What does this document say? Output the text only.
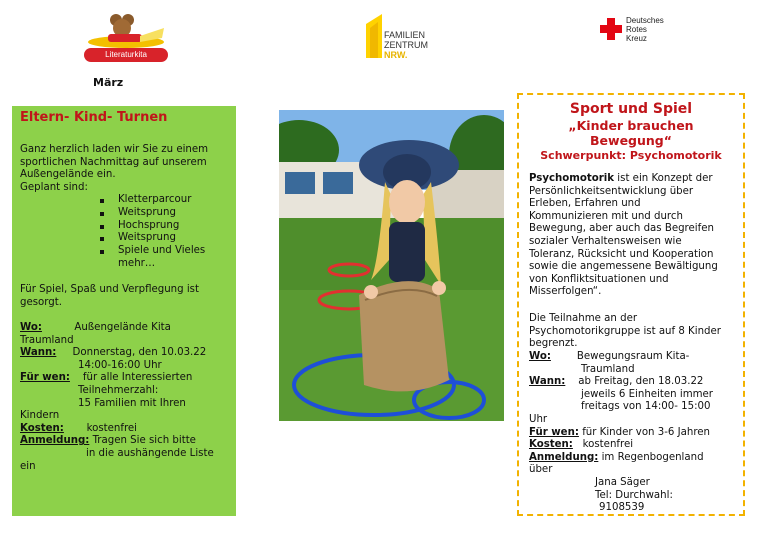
Literaturkita
März
FAMILIEN
ZENTRUM
NRW.
Deutsches
Rotes
Kreuz
Eltern- Kind- Turnen

Ganz herzlich laden wir Sie zu einem
sportlichen Nachmittag auf unserem
Außengelände ein.
Geplant sind:

Kletterparcour
Weitsprung
Hochsprung
Weitsprung
Spiele und Vieles
mehr…

Für Spiel, Spaß und Verpflegung ist
gesorgt.

Wo:	Außengelände Kita
Traumland
Wann: Donnerstag, den 10.03.22
14:00-16:00 Uhr
Für wen: für alle Interessierten
Teilnehmerzahl:
15 Familien mit Ihren
Kindern
Kosten: kostenfrei
Anmeldung: Tragen Sie sich bitte
in die aushängende Liste
ein

Sport und Spiel
„Kinder brauchen
Bewegung“
Schwerpunkt: Psychomotorik

Psychomotorik ist ein Konzept der
Persönlichkeitsentwicklung über
Erleben, Erfahren und
Kommunizieren mit und durch
Bewegung, aber auch das Begreifen
sozialer Verhaltensweisen wie
Toleranz, Rücksicht und Kooperation
sowie die angemessene Bewältigung
von Konfliktsituationen und
Misserfolgen“.

Die Teilnahme an der
Psychomotorikgruppe ist auf 8 Kinder
begrenzt.

Wo:	Bewegungsraum Kita-
Traumland
Wann: ab Freitag, den 18.03.22
jeweils 6 Einheiten immer
freitags von 14:00- 15:00
Uhr
Für wen: für Kinder von 3-6 Jahren
Kosten: kostenfrei
Anmeldung: im Regenbogenland
über
Jana Säger
Tel: Durchwahl:
9108539
